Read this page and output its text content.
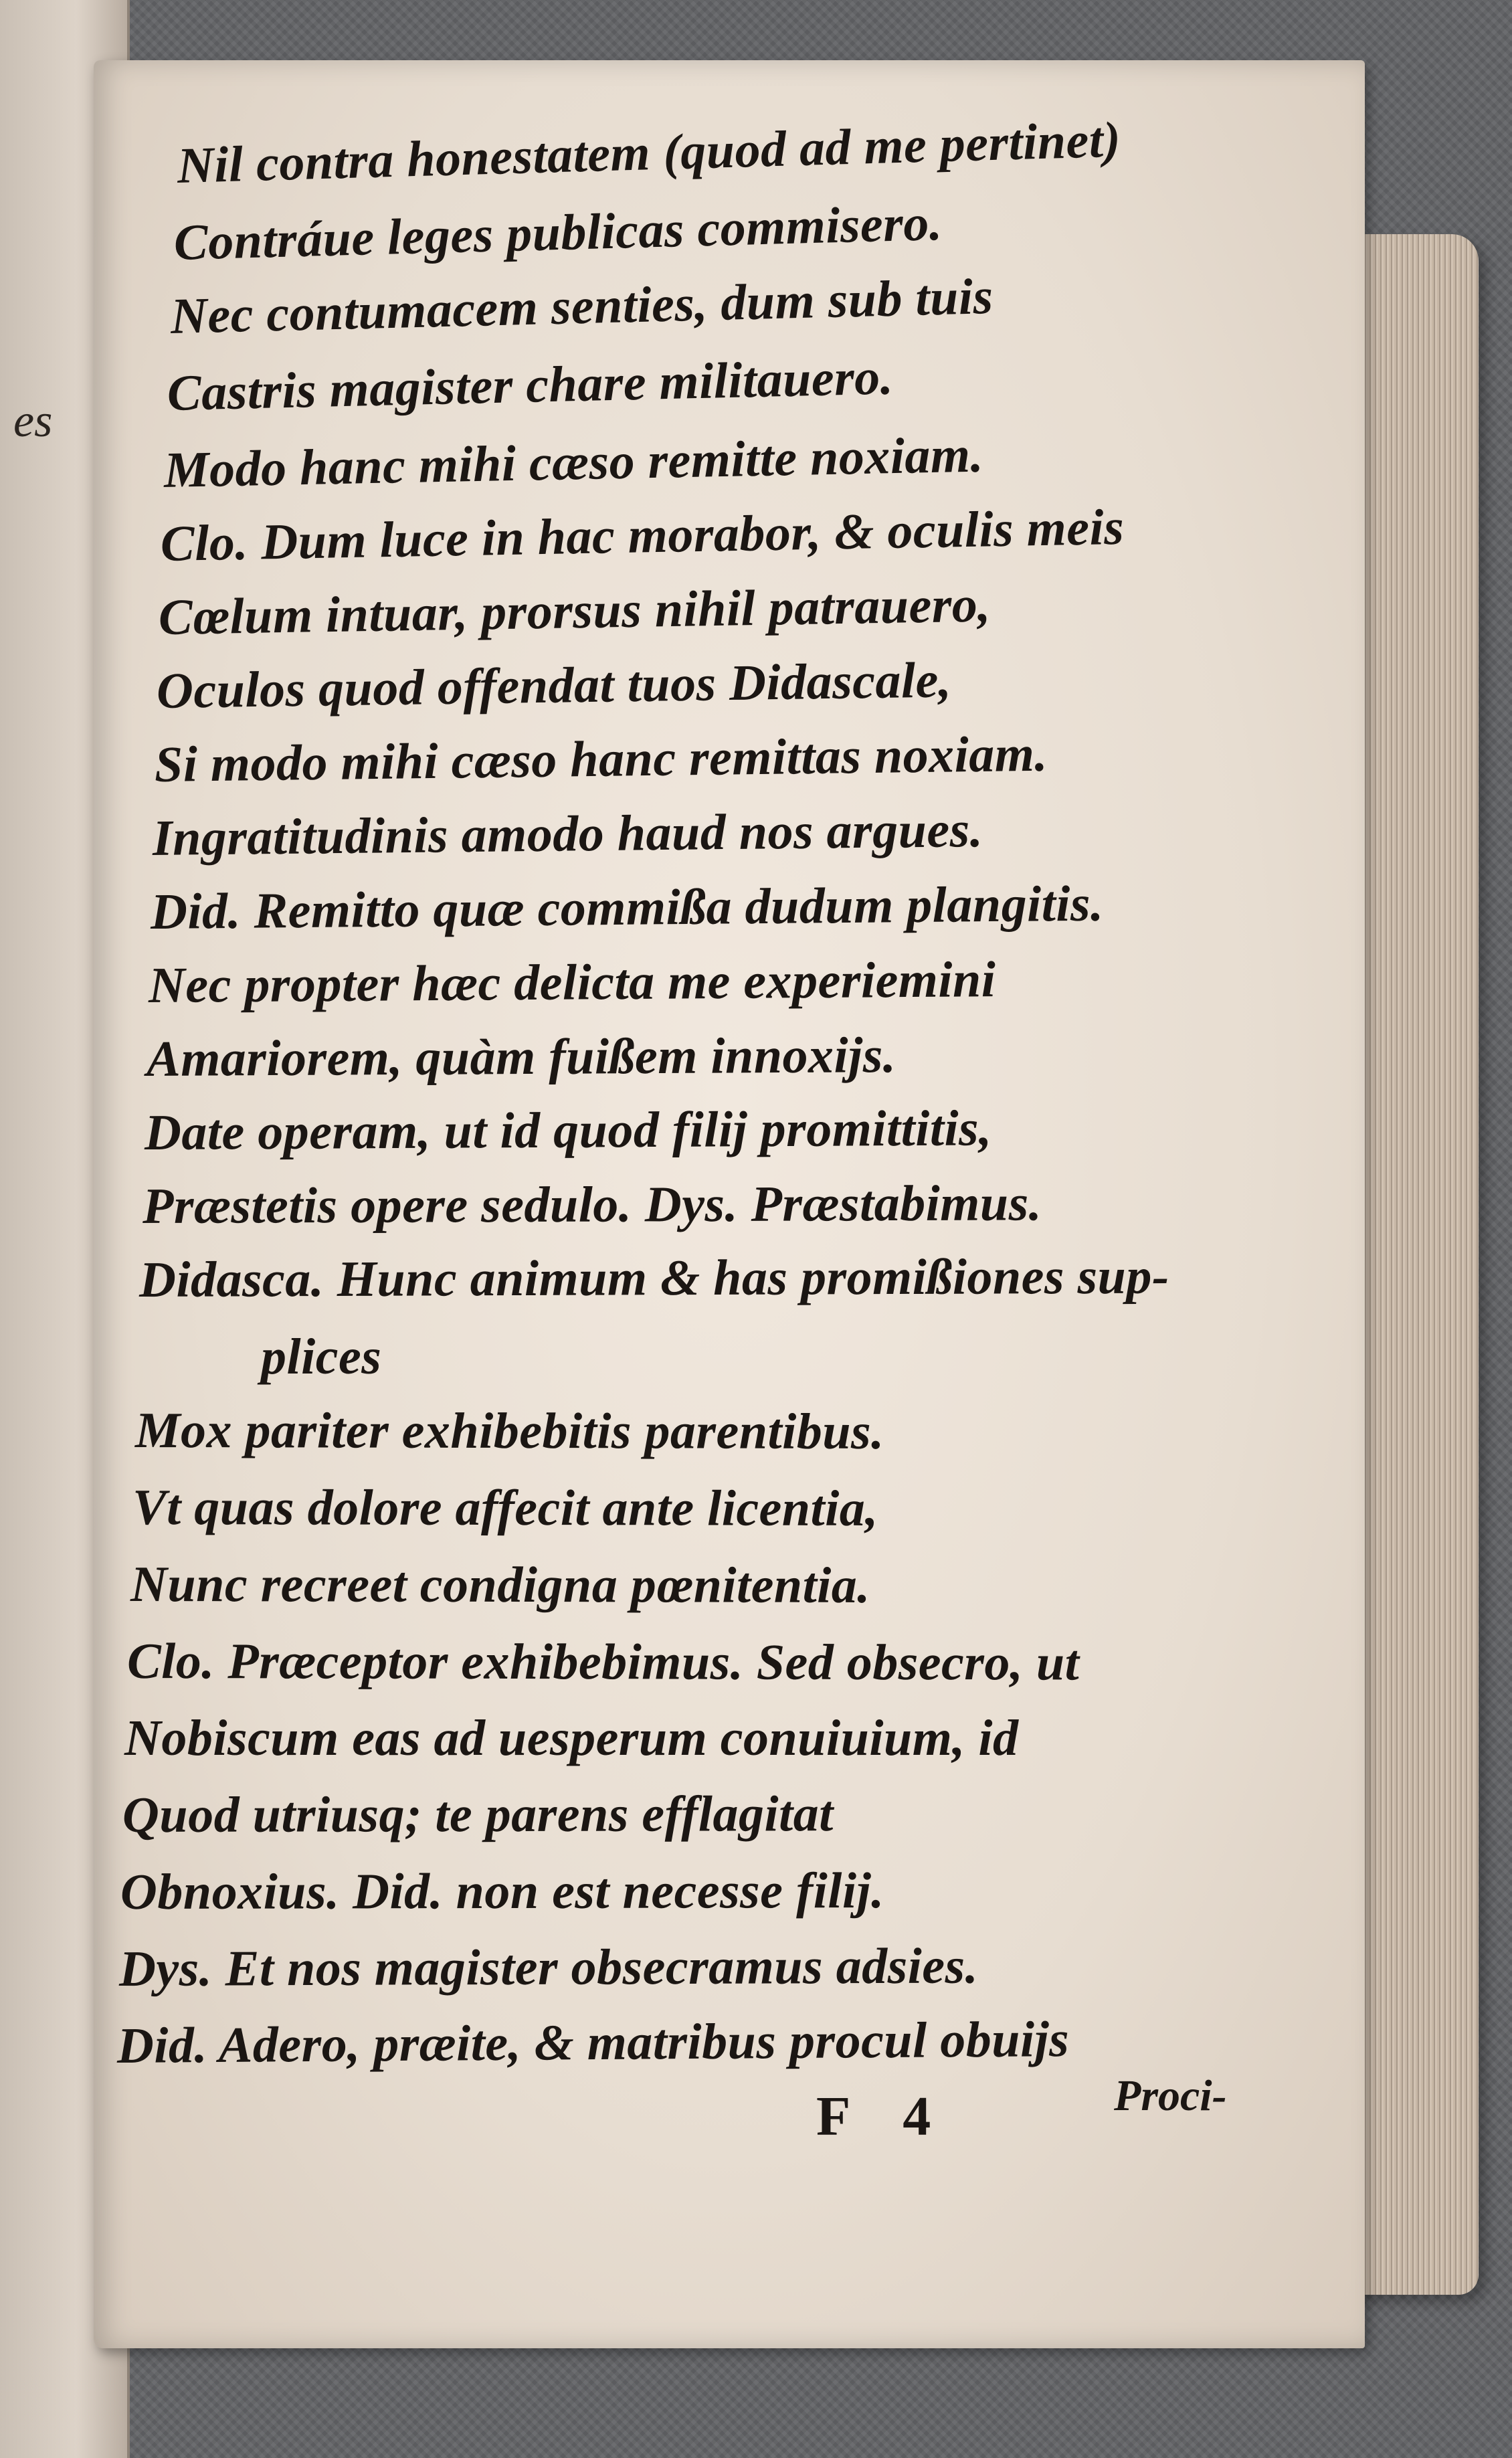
es
Nil contra honestatem (quod ad me pertinet)
Contráue leges publicas commisero.
Nec contumacem senties, dum sub tuis
Castris magister chare militauero.
Modo hanc mihi cæso remitte noxiam.
Clo. Dum luce in hac morabor, & oculis meis
Cœlum intuar, prorsus nihil patrauero,
Oculos quod offendat tuos Didascale,
Si modo mihi cæso hanc remittas noxiam.
Ingratitudinis amodo haud nos argues.
Did. Remitto quæ commißa dudum plangitis.
Nec propter hæc delicta me experiemini
Amariorem, quàm fuißem innoxijs.
Date operam, ut id quod filij promittitis,
Præstetis opere sedulo. Dys. Præstabimus.
Didasca. Hunc animum & has promißiones sup-
plices
Mox pariter exhibebitis parentibus.
Vt quas dolore affecit ante licentia,
Nunc recreet condigna pœnitentia.
Clo. Præceptor exhibebimus. Sed obsecro, ut
Nobiscum eas ad uesperum conuiuium, id
Quod utriusq; te parens efflagitat
Obnoxius. Did. non est necesse filij.
Dys. Et nos magister obsecramus adsies.
Did. Adero, præite, & matribus procul obuijs
F 4	Proci-
